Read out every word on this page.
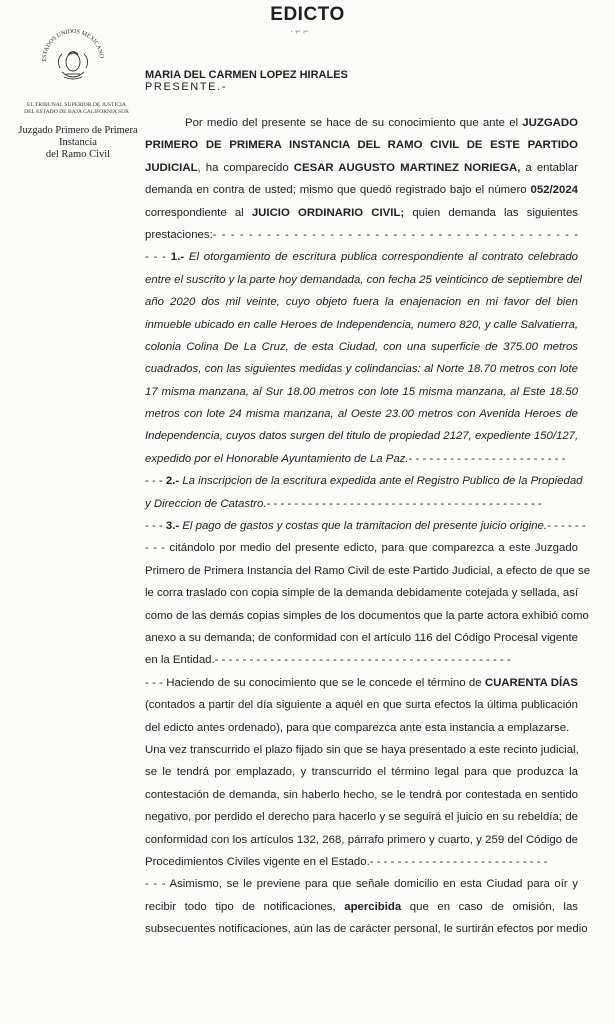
EDICTO
· ⌐ ⌐
ESTADOS UNIDOS MEXICANO
EL TRIBUNAL SUPERIOR DE JUSTICIA
DEL ESTADO DE BAJA CALIFORNIA SUR
Juzgado Primero de Primera
Instancia
del Ramo Civil
MARIA DEL CARMEN LOPEZ HIRALES
PRESENTE.-
Por medio del presente se hace de su conocimiento que ante el JUZGADO
PRIMERO DE PRIMERA INSTANCIA DEL RAMO CIVIL DE ESTE PARTIDO
JUDICIAL, ha comparecido CESAR AUGUSTO MARTINEZ NORIEGA, a entablar
demanda en contra de usted; mismo que quedó registrado bajo el número 052/2024
correspondiente al JUICIO ORDINARIO CIVIL; quien demanda las siguientes
prestaciones:- - - - - - - - - - - - - - - - - - - - - - - - - - - - - - - - - - - - - - - - -
- - - 1.- El otorgamiento de escritura publica correspondiente al contrato celebrado
entre el suscrito y la parte hoy demandada, con fecha 25 veinticinco de septiembre del
año 2020 dos mil veinte, cuyo objeto fuera la enajenacion en mi favor del bien
inmueble ubicado en calle Heroes de Independencia, numero 820, y calle Salvatierra,
colonia Colina De La Cruz, de esta Ciudad, con una superficie de 375.00 metros
cuadrados, con las siguientes medidas y colindancias: al Norte 18.70 metros con lote
17 misma manzana, al Sur 18.00 metros con lote 15 misma manzana, al Este 18.50
metros con lote 24 misma manzana, al Oeste 23.00 metros con Avenida Heroes de
Independencia, cuyos datos surgen del titulo de propiedad 2127, expediente 150/127,
expedido por el Honorable Ayuntamiento de La Paz.- - - - - - - - - - - - - - - - - - - - - - -
- - - 2.- La inscripcion de la escritura expedida ante el Registro Publico de la Propiedad
y Direccion de Catastro.- - - - - - - - - - - - - - - - - - - - - - - - - - - - - - - - - - - - - - - -
- - - 3.- El pago de gastos y costas que la tramitacion del presente juicio origine.- - - - - -
- - - citándolo por medio del presente edicto, para que comparezca a este Juzgado
Primero de Primera Instancia del Ramo Civil de este Partido Judicial, a efecto de que se
le corra traslado con copia simple de la demanda debidamente cotejada y sellada, así
como de las demás copias simples de los documentos que la parte actora exhibió como
anexo a su demanda; de conformidad con el artículo 116 del Código Procesal vigente
en la Entidad.- - - - - - - - - - - - - - - - - - - - - - - - - - - - - - - - - - - - - - - - - - -
- - - Haciendo de su conocimiento que se le concede el término de CUARENTA DÍAS
(contados a partir del día siguiente a aquél en que surta efectos la última publicación
del edicto antes ordenado), para que comparezca ante esta instancia a emplazarse.
Una vez transcurrido el plazo fijado sin que se haya presentado a este recinto judicial,
se le tendrá por emplazado, y transcurrido el término legal para que produzca la
contestación de demanda, sin haberlo hecho, se le tendrá por contestada en sentido
negativo, por perdido el derecho para hacerlo y se seguirá el juicio en su rebeldía; de
conformidad con los artículos 132, 268, párrafo primero y cuarto, y 259 del Código de
Procedimientos Civiles vigente en el Estado.- - - - - - - - - - - - - - - - - - - - - - - - - -
- - - Asimismo, se le previene para que señale domicilio en esta Ciudad para oír y
recibir todo tipo de notificaciones, apercibida que en caso de omisión, las
subsecuentes notificaciones, aún las de carácter personal, le surtirán efectos por medio
